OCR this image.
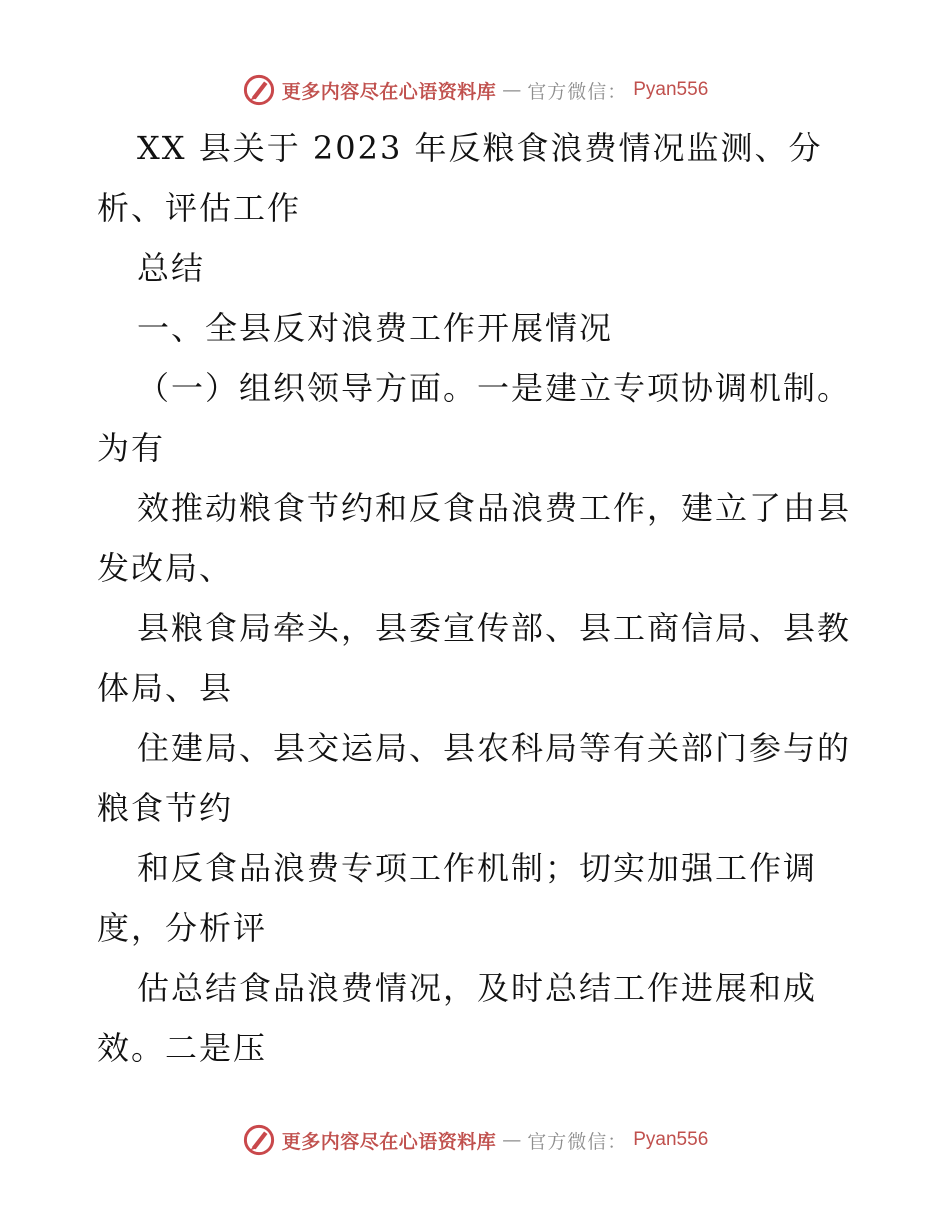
更多内容尽在心语资料库 — 官方微信： Pyan556
XX 县关于 2023 年反粮食浪费情况监测、分
析、评估工作
总结
一、全县反对浪费工作开展情况
（一）组织领导方面。一是建立专项协调机制。
为有
效推动粮食节约和反食品浪费工作，建立了由县
发改局、
县粮食局牵头，县委宣传部、县工商信局、县教
体局、县
住建局、县交运局、县农科局等有关部门参与的
粮食节约
和反食品浪费专项工作机制；切实加强工作调
度，分析评
估总结食品浪费情况，及时总结工作进展和成
效。二是压
更多内容尽在心语资料库 — 官方微信： Pyan556
